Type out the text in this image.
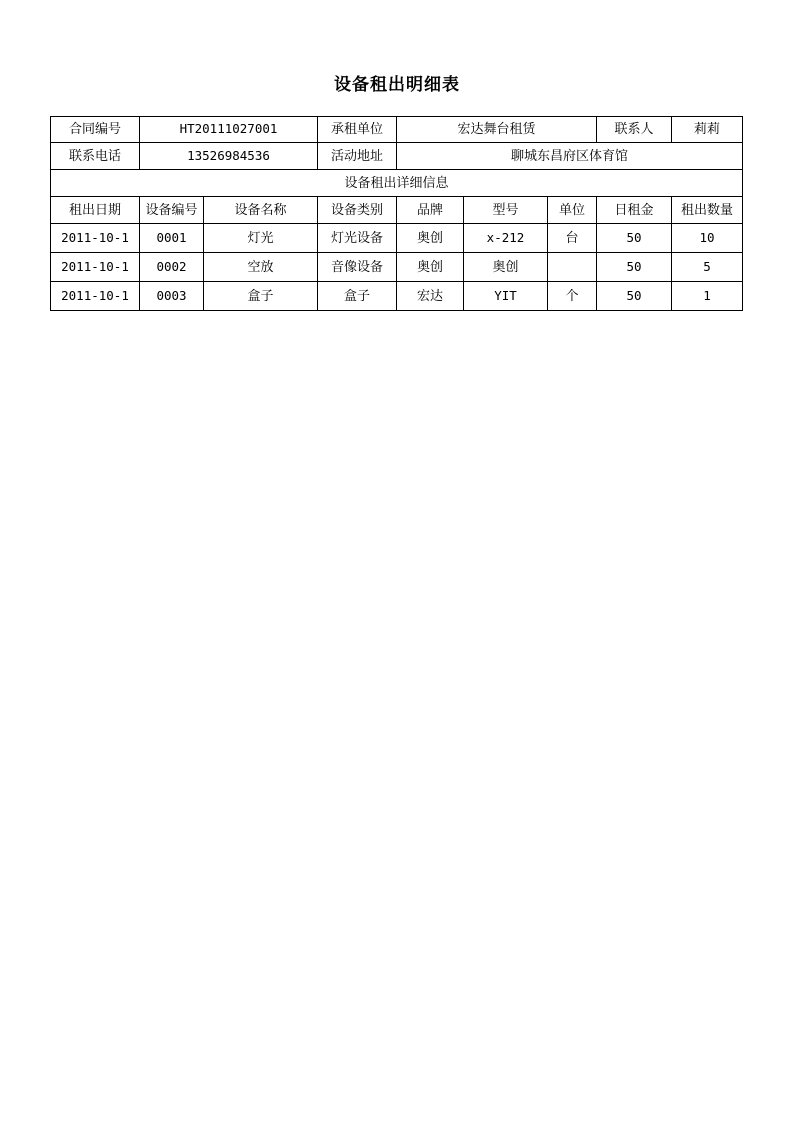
设备租出明细表
合同编号	HT20111027001		承租单位	宏达舞台租赁			联系人	莉莉
联系电话	13526984536		活动地址	聊城东昌府区体育馆				
设备租出详细信息								
租出日期	设备编号	设备名称	设备类别	品牌	型号	单位	日租金	租出数量
2011-10-1	0001	灯光	灯光设备	奥创	x-212	台	50	10
2011-10-1	0002	空放	音像设备	奥创	奥创		50	5
2011-10-1	0003	盒子	盒子	宏达	YIT	个	50	1
